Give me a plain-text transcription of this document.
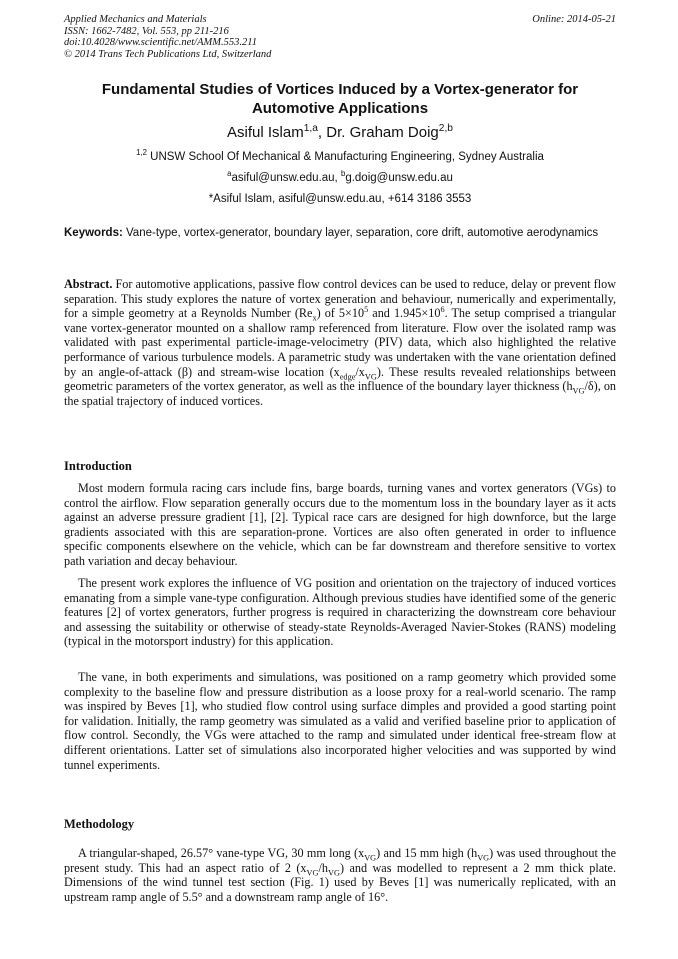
Applied Mechanics and Materials
ISSN: 1662-7482, Vol. 553, pp 211-216
doi:10.4028/www.scientific.net/AMM.553.211
© 2014 Trans Tech Publications Ltd, Switzerland
Online: 2014-05-21
Fundamental Studies of Vortices Induced by a Vortex-generator for
Automotive Applications
Asiful Islam$^{1,a}$, Dr. Graham Doig$^{2,b}$
$^{1,2}$ UNSW School Of Mechanical & Manufacturing Engineering, Sydney Australia
$^a$asiful@unsw.edu.au, $^b$g.doig@unsw.edu.au
*Asiful Islam, asiful@unsw.edu.au, +614 3186 3553
Keywords: Vane-type, vortex-generator, boundary layer, separation, core drift, automotive aerodynamics
Abstract. For automotive applications, passive flow control devices can be used to reduce, delay or prevent flow separation. This study explores the nature of vortex generation and behaviour, numerically and experimentally, for a simple geometry at a Reynolds Number $(Re_x)$ of $5\times 10^5$ and $1.945\times 10^6$. The setup comprised a triangular vane vortex-generator mounted on a shallow ramp referenced from literature. Flow over the isolated ramp was validated with past experimental particle-image-velocimetry (PIV) data, which also highlighted the relative performance of various turbulence models. A parametric study was undertaken with the vane orientation defined by an angle-of-attack (β) and stream-wise location $(x_{edge}/x_{VG})$. These results revealed relationships between geometric parameters of the vortex generator, as well as the influence of the boundary layer thickness $(h_{VG}/\delta)$, on the spatial trajectory of induced vortices.
Introduction
Most modern formula racing cars include fins, barge boards, turning vanes and vortex generators (VGs) to control the airflow. Flow separation generally occurs due to the momentum loss in the boundary layer as it acts against an adverse pressure gradient [1], [2]. Typical race cars are designed for high downforce, but the large gradients associated with this are separation-prone. Vortices are also often generated in order to influence specific components elsewhere on the vehicle, which can be far downstream and therefore sensitive to vortex path variation and decay behaviour.
The present work explores the influence of VG position and orientation on the trajectory of induced vortices emanating from a simple vane-type configuration. Although previous studies have identified some of the generic features [2] of vortex generators, further progress is required in characterizing the downstream core behaviour and assessing the suitability or otherwise of steady-state Reynolds-Averaged Navier-Stokes (RANS) modeling (typical in the motorsport industry) for this application.
The vane, in both experiments and simulations, was positioned on a ramp geometry which provided some complexity to the baseline flow and pressure distribution as a loose proxy for a real-world scenario. The ramp was inspired by Beves [1], who studied flow control using surface dimples and provided a good starting point for validation. Initially, the ramp geometry was simulated as a valid and verified baseline prior to application of flow control. Secondly, the VGs were attached to the ramp and simulated under identical free-stream flow at different orientations. Latter set of simulations also incorporated higher velocities and was supported by wind tunnel experiments.
Methodology
A triangular-shaped, 26.57° vane-type VG, 30 mm long $(x_{VG})$ and 15 mm high $(h_{VG})$ was used throughout the present study. This had an aspect ratio of 2 $(x_{VG}/h_{VG})$ and was modelled to represent a 2 mm thick plate. Dimensions of the wind tunnel test section (Fig. 1) used by Beves [1] was numerically replicated, with an upstream ramp angle of 5.5° and a downstream ramp angle of 16°.
